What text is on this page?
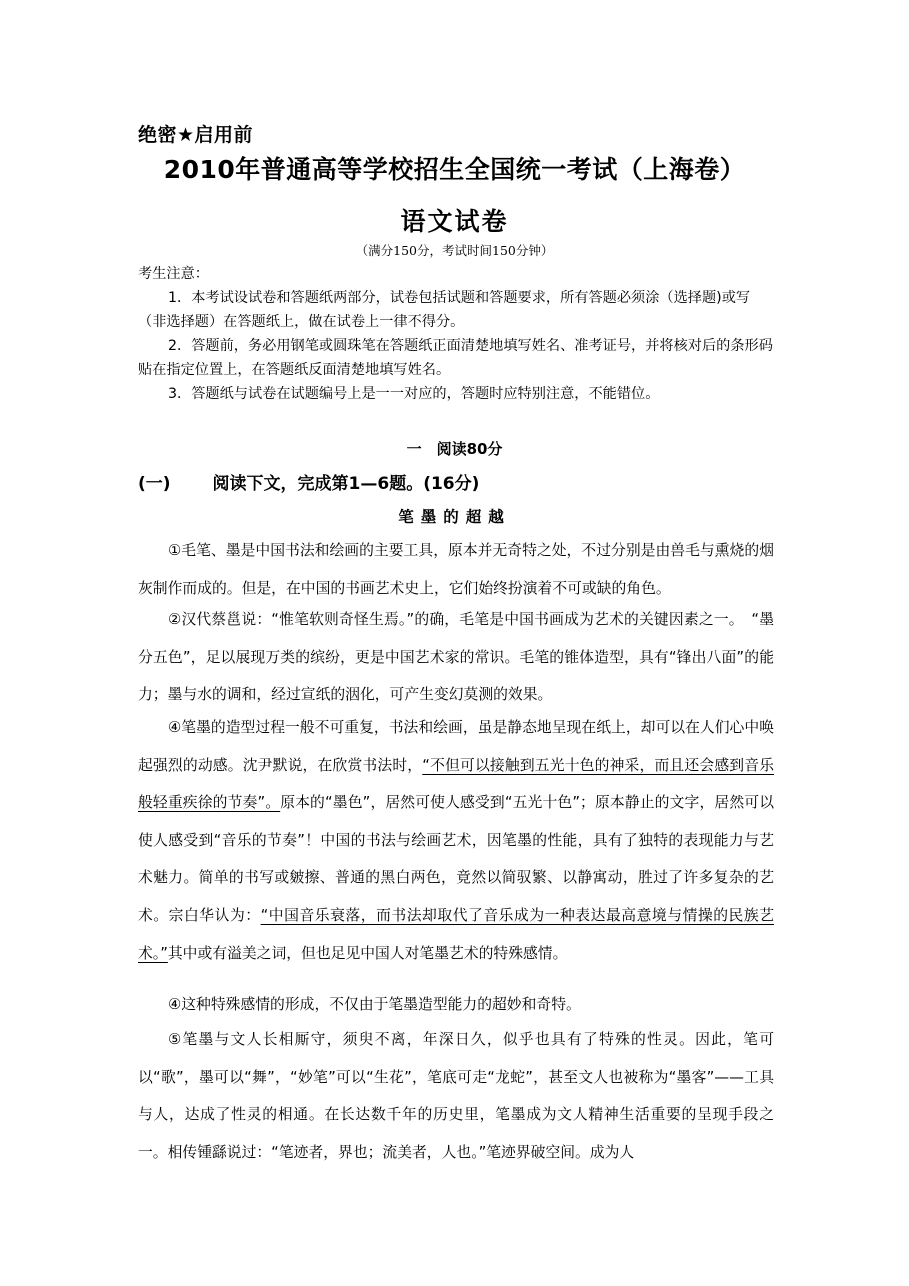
绝密★启用前
2010年普通高等学校招生全国统一考试（上海卷）
语文试卷
（满分150分，考试时间150分钟）
考生注意：
1．本考试设试卷和答题纸两部分，试卷包括试题和答题要求，所有答题必须涂（选择题)或写（非选择题）在答题纸上，做在试卷上一律不得分。
2．答题前，务必用钢笔或圆珠笔在答题纸正面清楚地填写姓名、准考证号，并将核对后的条形码贴在指定位置上，在答题纸反面清楚地填写姓名。
3．答题纸与试卷在试题编号上是一一对应的，答题时应特别注意，不能错位。
一　阅读80分
(一) 阅读下文，完成第1—6题。(16分)
笔墨的超越
①毛笔、墨是中国书法和绘画的主要工具，原本并无奇特之处，不过分别是由兽毛与熏烧的烟灰制作而成的。但是，在中国的书画艺术史上，它们始终扮演着不可或缺的角色。
②汉代蔡邕说：“惟笔软则奇怪生焉。”的确，毛笔是中国书画成为艺术的关键因素之一。　“墨分五色”，足以展现万类的缤纷，更是中国艺术家的常识。毛笔的锥体造型，具有“锋出八面”的能力；墨与水的调和，经过宣纸的洇化，可产生变幻莫测的效果。
④笔墨的造型过程一般不可重复，书法和绘画，虽是静态地呈现在纸上，却可以在人们心中唤起强烈的动感。沈尹默说，在欣赏书法时，“不但可以接触到五光十色的神采，而且还会感到音乐般轻重疾徐的节奏”。原本的“墨色”，居然可使人感受到“五光十色”；原本静止的文字，居然可以使人感受到“音乐的节奏”！中国的书法与绘画艺术，因笔墨的性能，具有了独特的表现能力与艺术魅力。简单的书写或皴擦、普通的黑白两色，竟然以简驭繁、以静寓动，胜过了许多复杂的艺术。宗白华认为：“中国音乐衰落，而书法却取代了音乐成为一种表达最高意境与情操的民族艺术。”其中或有溢美之词，但也足见中国人对笔墨艺术的特殊感情。
④这种特殊感情的形成，不仅由于笔墨造型能力的超妙和奇特。
⑤笔墨与文人长相厮守，须臾不离，年深日久，似乎也具有了特殊的性灵。因此，笔可以“歌”，墨可以“舞”，“妙笔”可以“生花”，笔底可走“龙蛇”，甚至文人也被称为“墨客”——工具与人，达成了性灵的相通。在长达数千年的历史里，笔墨成为文人精神生活重要的呈现手段之一。相传锺繇说过：“笔迹者，界也；流美者，人也。”笔迹界破空间。成为人
